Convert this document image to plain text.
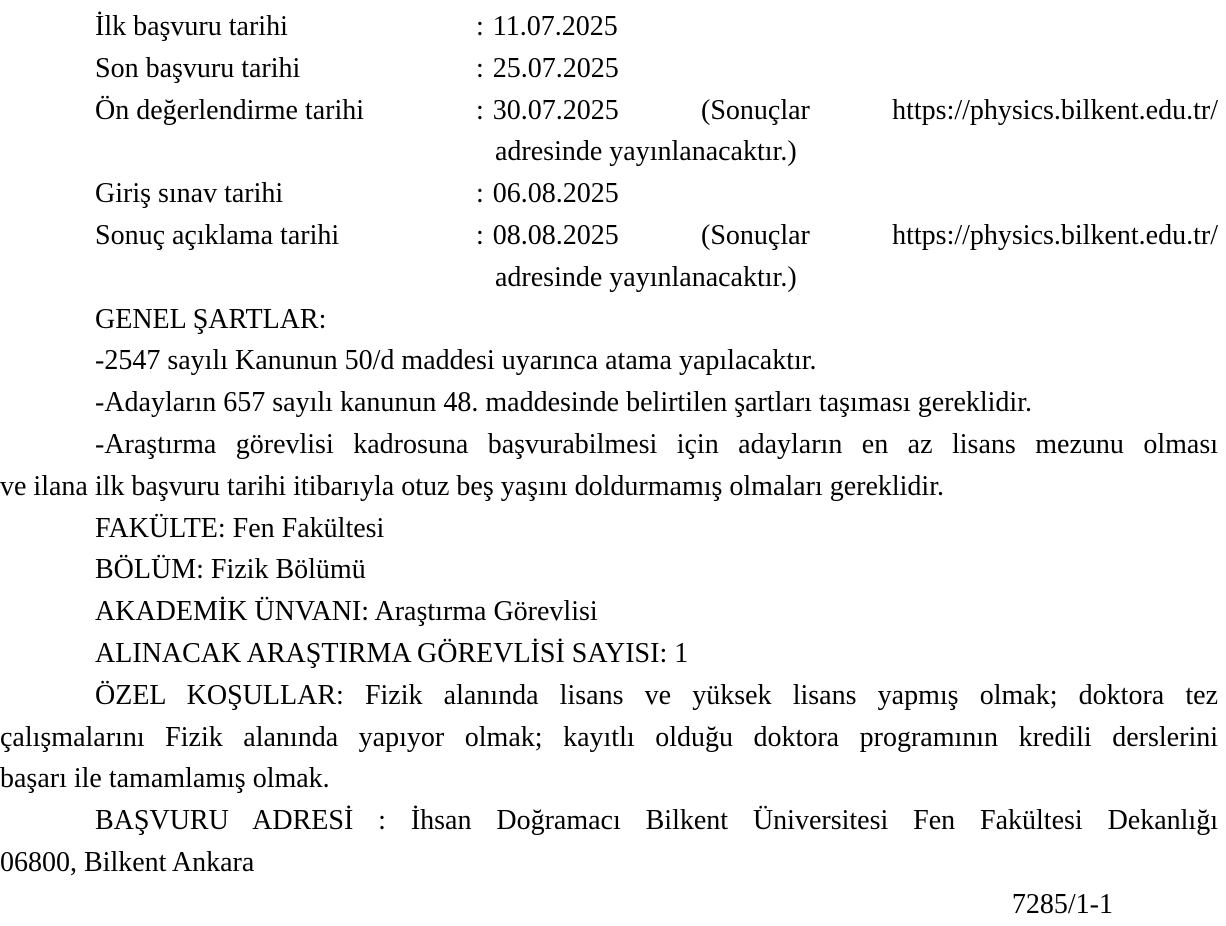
İlk başvuru tarihi	: 11.07.2025
Son başvuru tarihi	: 25.07.2025
Ön değerlendirme tarihi	: 30.07.2025	(Sonuçlar	https://physics.bilkent.edu.tr/
adresinde yayınlanacaktır.)
Giriş sınav tarihi	: 06.08.2025
Sonuç açıklama tarihi	: 08.08.2025	(Sonuçlar	https://physics.bilkent.edu.tr/
adresinde yayınlanacaktır.)
GENEL ŞARTLAR:
-2547 sayılı Kanunun 50/d maddesi uyarınca atama yapılacaktır.
-Adayların 657 sayılı kanunun 48. maddesinde belirtilen şartları taşıması gereklidir.
-Araştırma görevlisi kadrosuna başvurabilmesi için adayların en az lisans mezunu olması
ve ilana ilk başvuru tarihi itibarıyla otuz beş yaşını doldurmamış olmaları gereklidir.
FAKÜLTE: Fen Fakültesi
BÖLÜM: Fizik Bölümü
AKADEMİK ÜNVANI: Araştırma Görevlisi
ALINACAK ARAŞTIRMA GÖREVLİSİ SAYISI: 1
ÖZEL KOŞULLAR: Fizik alanında lisans ve yüksek lisans yapmış olmak; doktora tez
çalışmalarını Fizik alanında yapıyor olmak; kayıtlı olduğu doktora programının kredili derslerini
başarı ile tamamlamış olmak.
BAŞVURU ADRESİ : İhsan Doğramacı Bilkent Üniversitesi Fen Fakültesi Dekanlığı
06800, Bilkent Ankara
7285/1-1
